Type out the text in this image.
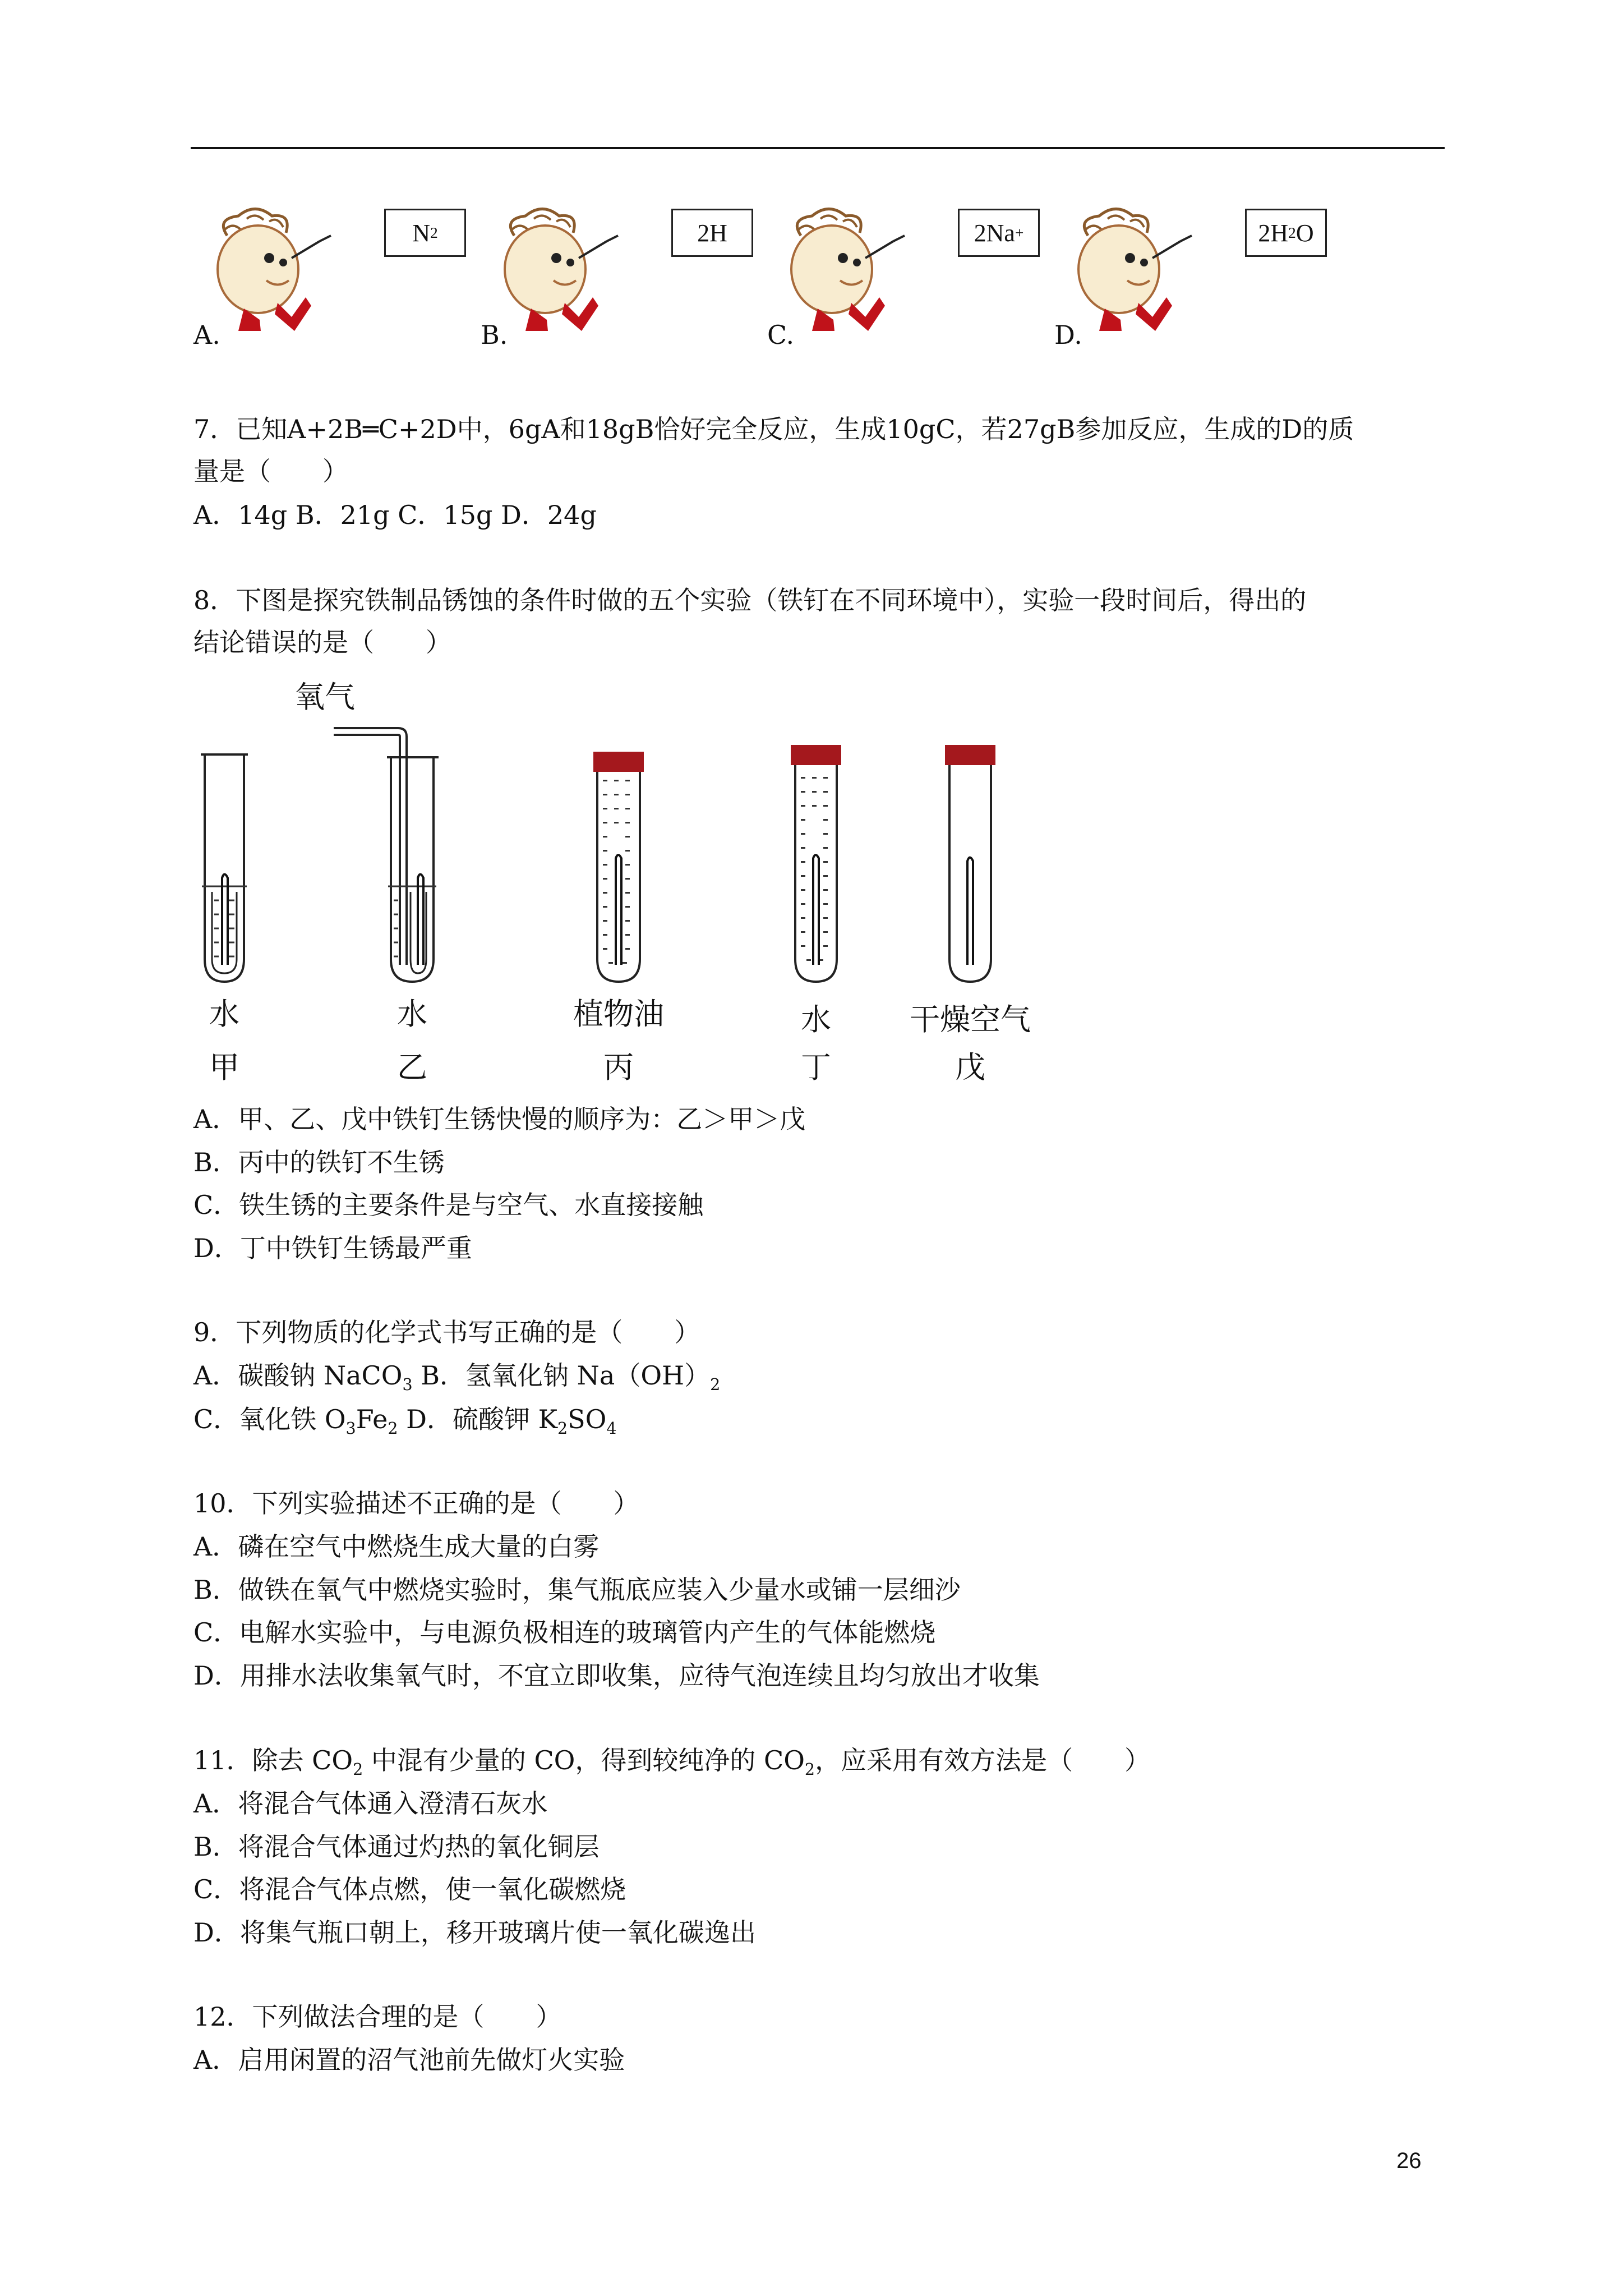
A.
N 2
B.
2H
C.
2Na +
D.
2H 2 O
7．已知A+2B═C+2D中，6gA和18gB恰好完全反应，生成10gC，若27gB参加反应，生成的D的质
量是（　　）
A．14g B．21g C．15g D．24g
8．下图是探究铁制品锈蚀的条件时做的五个实验（铁钉在不同环境中），实验一段时间后，得出的
结论错误的是（　　）
氧气
水	水	植物油	水	干燥空气
甲	乙	丙	丁	戊
A．甲、乙、戊中铁钉生锈快慢的顺序为：乙＞甲＞戊
B．丙中的铁钉不生锈
C．铁生锈的主要条件是与空气、水直接接触
D．丁中铁钉生锈最严重
9．下列物质的化学式书写正确的是（　　）
A．碳酸钠 NaCO$_3$ B．氢氧化钠 $Na(OH)_2$
C．氧化铁 $O_3Fe_2$ D．硫酸钾 $K_2SO_4$
10．下列实验描述不正确的是（　　）
A．磷在空气中燃烧生成大量的白雾
B．做铁在氧气中燃烧实验时，集气瓶底应装入少量水或铺一层细沙
C．电解水实验中，与电源负极相连的玻璃管内产生的气体能燃烧
D．用排水法收集氧气时，不宜立即收集，应待气泡连续且均匀放出才收集
11．除去 $CO_2$ 中混有少量的 CO，得到较纯净的 $CO_2$，应采用有效方法是（　　）
A．将混合气体通入澄清石灰水
B．将混合气体通过灼热的氧化铜层
C．将混合气体点燃，使一氧化碳燃烧
D．将集气瓶口朝上，移开玻璃片使一氧化碳逸出
12．下列做法合理的是（　　）
A．启用闲置的沼气池前先做灯火实验
26
